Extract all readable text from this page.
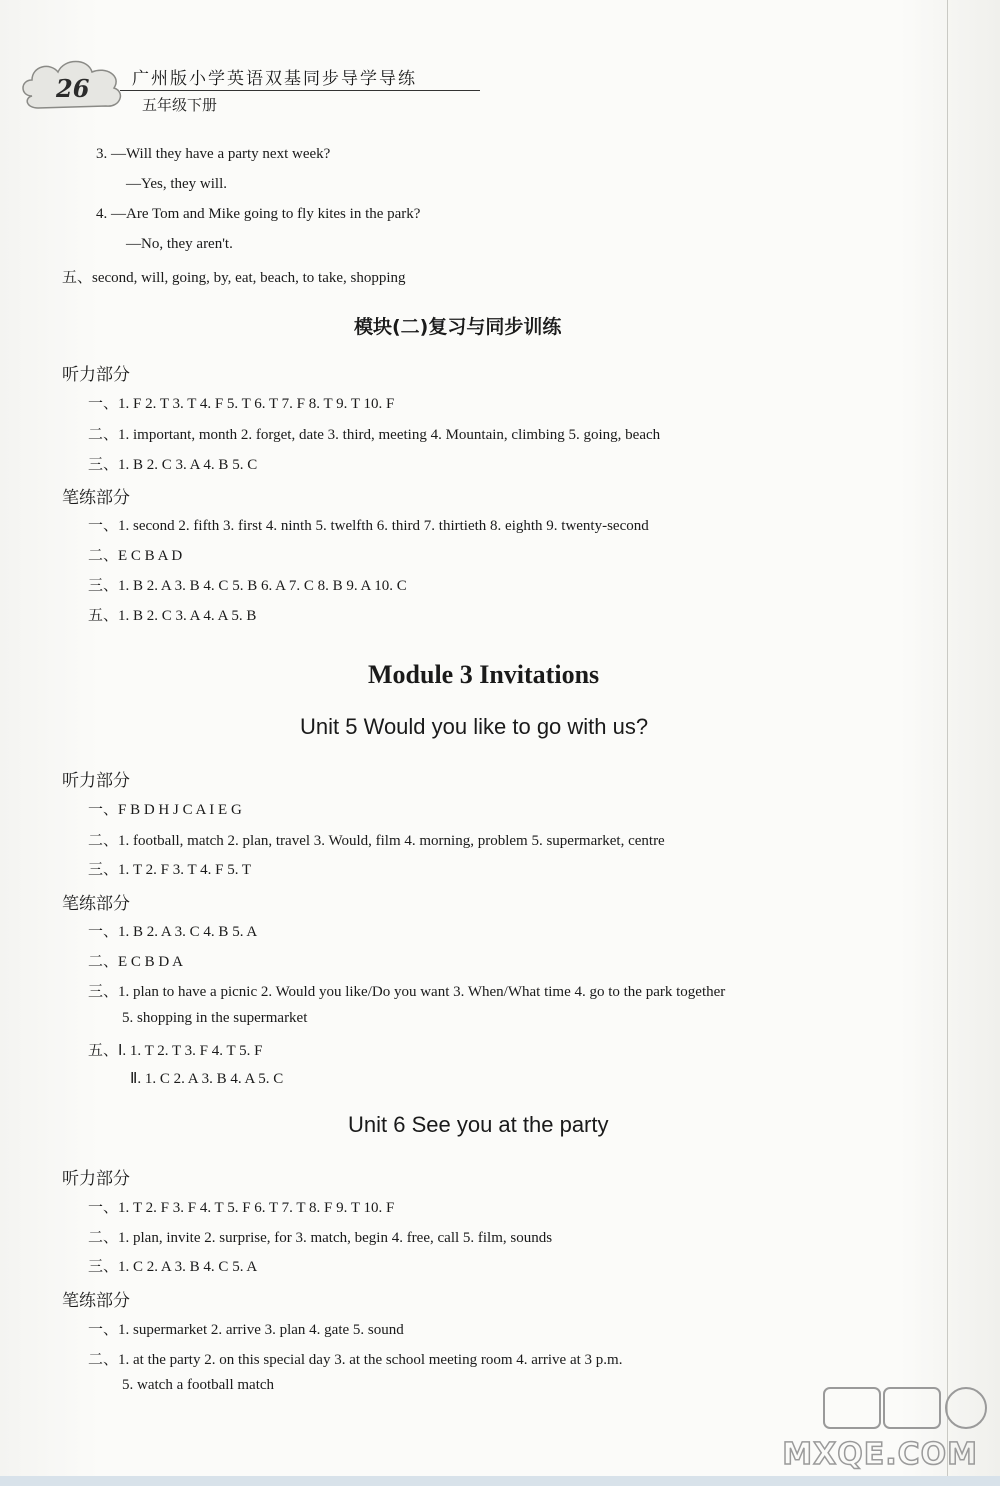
26	广州版小学英语双基同步导学导练
五年级下册
3. —Will they have a party next week?
—Yes, they will.
4. —Are Tom and Mike going to fly kites in the park?
—No, they aren't.
五、second, will, going, by, eat, beach, to take, shopping
模块(二)复习与同步训练
听力部分
一、1. F 2. T 3. T 4. F 5. T 6. T 7. F 8. T 9. T 10. F
二、1. important, month 2. forget, date 3. third, meeting 4. Mountain, climbing 5. going, beach
三、1. B 2. C 3. A 4. B 5. C
笔练部分
一、1. second 2. fifth 3. first 4. ninth 5. twelfth 6. third 7. thirtieth 8. eighth 9. twenty-second
二、E C B A D
三、1. B 2. A 3. B 4. C 5. B 6. A 7. C 8. B 9. A 10. C
五、1. B 2. C 3. A 4. A 5. B
Module 3 Invitations
Unit 5 Would you like to go with us?
听力部分
一、F B D H J C A I E G
二、1. football, match 2. plan, travel 3. Would, film 4. morning, problem 5. supermarket, centre
三、1. T 2. F 3. T 4. F 5. T
笔练部分
一、1. B 2. A 3. C 4. B 5. A
二、E C B D A
三、1. plan to have a picnic 2. Would you like/Do you want 3. When/What time 4. go to the park together
5. shopping in the supermarket
五、Ⅰ. 1. T 2. T 3. F 4. T 5. F
Ⅱ. 1. C 2. A 3. B 4. A 5. C
Unit 6 See you at the party
听力部分
一、1. T 2. F 3. F 4. T 5. F 6. T 7. T 8. F 9. T 10. F
二、1. plan, invite 2. surprise, for 3. match, begin 4. free, call 5. film, sounds
三、1. C 2. A 3. B 4. C 5. A
笔练部分
一、1. supermarket 2. arrive 3. plan 4. gate 5. sound
二、1. at the party 2. on this special day 3. at the school meeting room 4. arrive at 3 p.m.
5. watch a football match
MXQE.COM
